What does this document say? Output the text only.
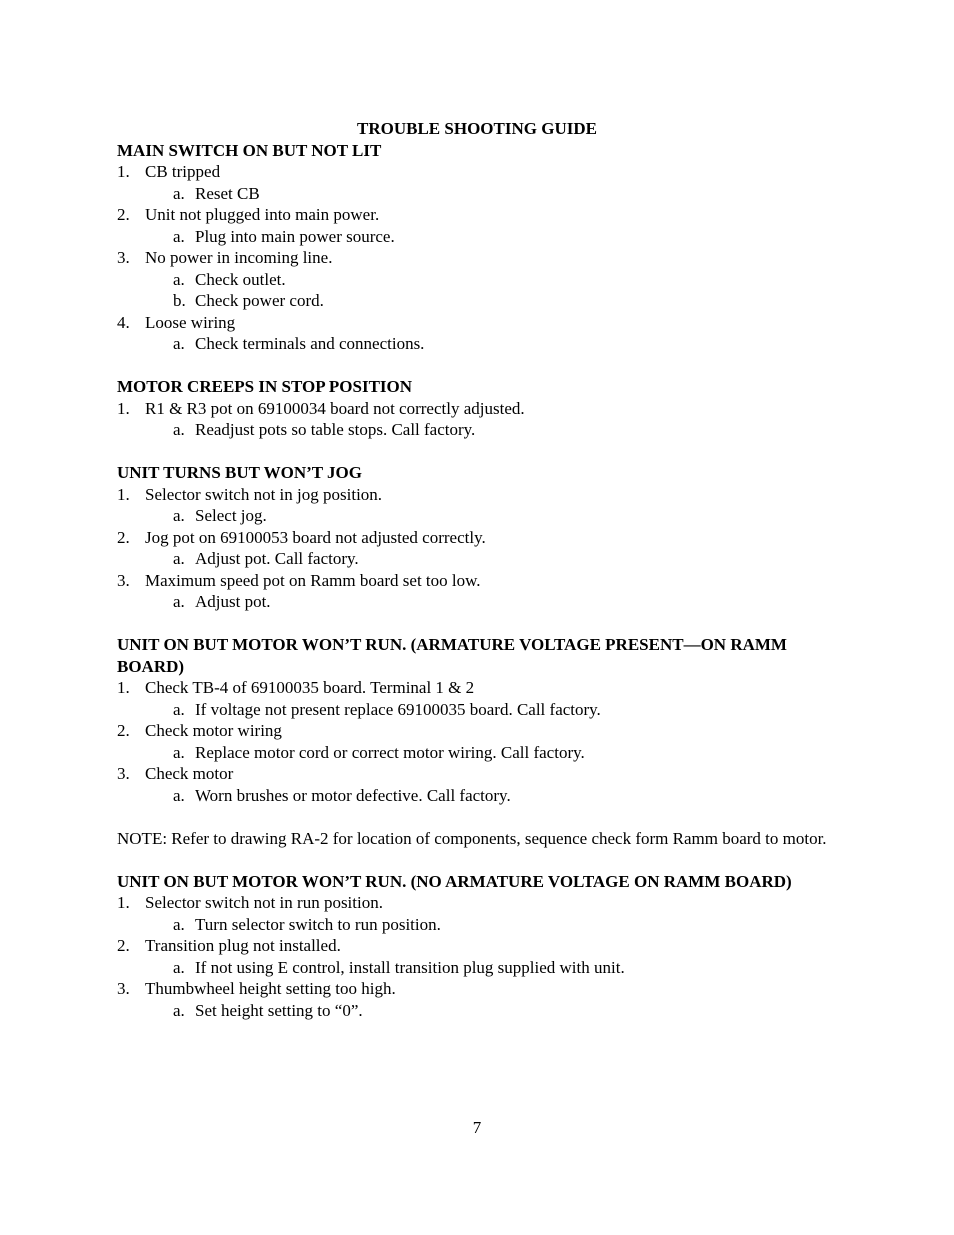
TROUBLE SHOOTING GUIDE
MAIN SWITCH ON BUT NOT LIT
1. CB tripped
a. Reset CB
2. Unit not plugged into main power.
a. Plug into main power source.
3. No power in incoming line.
a. Check outlet.
b. Check power cord.
4. Loose wiring
a. Check terminals and connections.
MOTOR CREEPS IN STOP POSITION
1. R1 & R3 pot on 69100034 board not correctly adjusted.
a. Readjust pots so table stops. Call factory.
UNIT TURNS BUT WON’T JOG
1. Selector switch not in jog position.
a. Select jog.
2. Jog pot on 69100053 board not adjusted correctly.
a. Adjust pot. Call factory.
3. Maximum speed pot on Ramm board set too low.
a. Adjust pot.
UNIT ON BUT MOTOR WON’T RUN. (ARMATURE VOLTAGE PRESENT—ON RAMM BOARD)
1. Check TB-4 of 69100035 board. Terminal 1 & 2
a. If voltage not present replace 69100035 board. Call factory.
2. Check motor wiring
a. Replace motor cord or correct motor wiring. Call factory.
3. Check motor
a. Worn brushes or motor defective. Call factory.
NOTE: Refer to drawing RA-2 for location of components, sequence check form Ramm board to motor.
UNIT ON BUT MOTOR WON’T RUN. (NO ARMATURE VOLTAGE ON RAMM BOARD)
1. Selector switch not in run position.
a. Turn selector switch to run position.
2. Transition plug not installed.
a. If not using E control, install transition plug supplied with unit.
3. Thumbwheel height setting too high.
a. Set height setting to “0”.
7
